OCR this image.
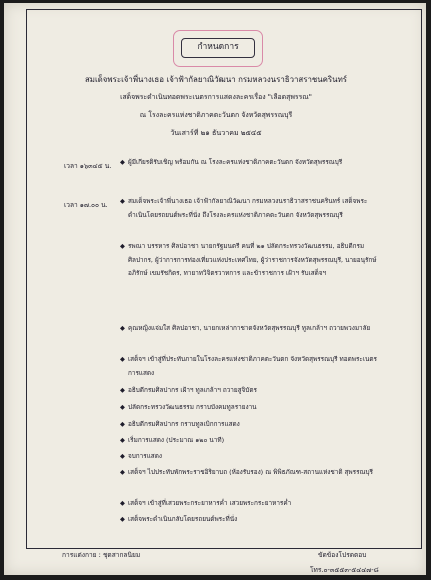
กำหนดการ
สมเด็จพระเจ้าพี่นางเธอ เจ้าฟ้ากัลยาณิวัฒนา กรมหลวงนราธิวาสราชนครินทร์
เสด็จพระดำเนินทอดพระเนตรการแสดงละครเรื่อง "เลือดสุพรรณ"
ณ โรงละครแห่งชาติภาคตะวันตก จังหวัดสุพรรณบุรี
วันเสาร์ที่ ๒๑ ธันวาคม ๒๕๔๕
เวลา ๑๖๓๔๕ น.
เวลา ๑๗.๐๐ น.
◆ ผู้มีเกียรติรับเชิญ พร้อมกัน ณ โรงละครแห่งชาติภาคตะวันตก จังหวัดสุพรรณบุรี
◆ สมเด็จพระเจ้าพี่นางเธอ เจ้าฟ้ากัลยาณิวัฒนา กรมหลวงนราธิวาสราชนครินทร์ เสด็จพระดำเนินโดยรถยนต์พระที่นั่ง ถึงโรงละครแห่งชาติภาคตะวันตก จังหวัดสุพรรณบุรี
◆ รพณา บรรหาร ศิลปอาชา นายกรัฐมนตรี คนที่ ๒๑ ปลัดกระทรวงวัฒนธรรม, อธิบดีกรมศิลปากร, ผู้ว่าการการท่องเที่ยวแห่งประเทศไทย, ผู้ว่าราชการจังหวัดสุพรรณบุรี, นายอนุรักษ์ อภิรักษ์ เขมรัชกิตร, ทายาทวิจิตรวาทการ และข้าราชการ เฝ้าฯ รับเสด็จฯ
◆ คุณหญิงแจ่มใส ศิลปอาชา, นายกเหล่ากาชาดจังหวัดสุพรรณบุรี ทูลเกล้าฯ ถวายพวงมาลัย
◆ เสด็จฯ เข้าสู่ที่ประทับภายในโรงละครแห่งชาติภาคตะวันตก จังหวัดสุพรรณบุรี ทอดพระเนตรการแสดง
◆ อธิบดีกรมศิลปากร เฝ้าฯ ทูลเกล้าฯ ถวายสูจิบัตร
◆ ปลัดกระทรวงวัฒนธรรม กราบบังคมทูลรายงาน
◆ อธิบดีกรมศิลปากร กราบทูลเบิกการแสดง
◆ เริ่มการแสดง (ประมาณ ๑๒๐ นาที)
◆ จบการแสดง
◆ เสด็จฯ ไปประทับพักพระราชอิริยาบถ (ห้องรับรอง) ณ พิพิธภัณฑ-สถานแห่งชาติ สุพรรณบุรี
◆ เสด็จฯ เข้าสู่ที่เสวยพระกระยาหารค่ำ เสวยพระกระยาหารค่ำ
◆ เสด็จพระดำเนินกลับโดยรถยนต์พระที่นั่ง
การแต่งกาย : ชุดสากลนิยม	ขัดข้องโปรดตอบ
โทร.๐-๓๕๕๓-๕๔๔๗-๘
